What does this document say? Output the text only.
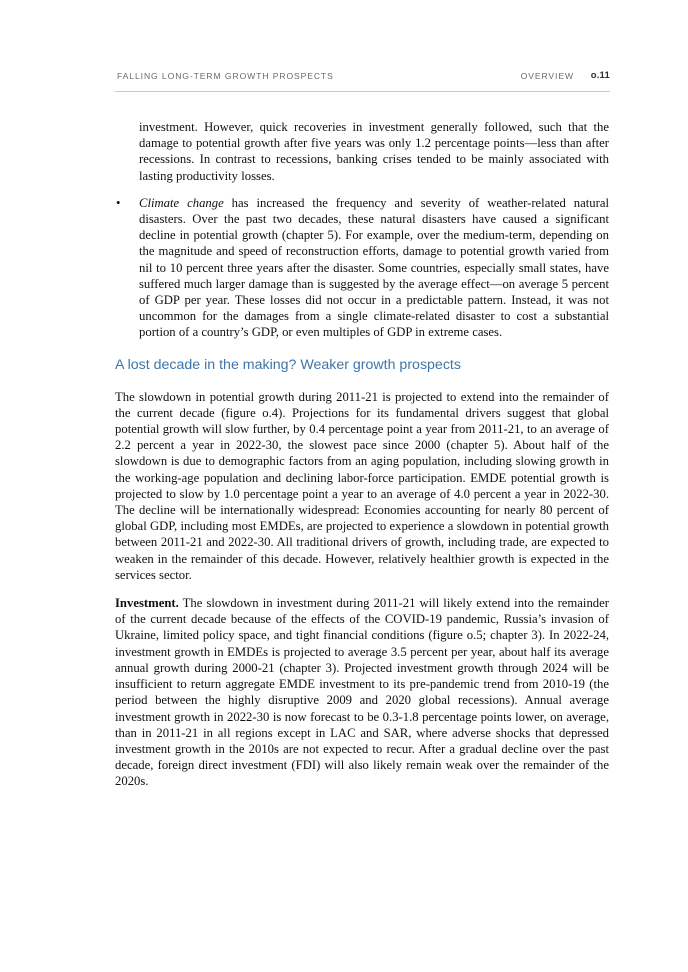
FALLING LONG-TERM GROWTH PROSPECTS	OVERVIEW o.11

investment. However, quick recoveries in investment generally followed, such that the damage to potential growth after five years was only 1.2 percentage points—less than after recessions. In contrast to recessions, banking crises tended to be mainly associated with lasting productivity losses.

• Climate change has increased the frequency and severity of weather-related natural disasters. Over the past two decades, these natural disasters have caused a significant decline in potential growth (chapter 5). For example, over the medium-term, depending on the magnitude and speed of reconstruction efforts, damage to potential growth varied from nil to 10 percent three years after the disaster. Some countries, especially small states, have suffered much larger damage than is suggested by the average effect—on average 5 percent of GDP per year. These losses did not occur in a predictable pattern. Instead, it was not uncommon for the damages from a single climate-related disaster to cost a substantial portion of a country’s GDP, or even multiples of GDP in extreme cases.

A lost decade in the making? Weaker growth prospects

The slowdown in potential growth during 2011-21 is projected to extend into the remainder of the current decade (figure o.4). Projections for its fundamental drivers suggest that global potential growth will slow further, by 0.4 percentage point a year from 2011-21, to an average of 2.2 percent a year in 2022-30, the slowest pace since 2000 (chapter 5). About half of the slowdown is due to demographic factors from an aging population, including slowing growth in the working-age population and declining labor-force participation. EMDE potential growth is projected to slow by 1.0 percentage point a year to an average of 4.0 percent a year in 2022-30. The decline will be internationally widespread: Economies accounting for nearly 80 percent of global GDP, including most EMDEs, are projected to experience a slowdown in potential growth between 2011-21 and 2022-30. All traditional drivers of growth, including trade, are expected to weaken in the remainder of this decade. However, relatively healthier growth is expected in the services sector.

Investment. The slowdown in investment during 2011-21 will likely extend into the remainder of the current decade because of the effects of the COVID-19 pandemic, Russia’s invasion of Ukraine, limited policy space, and tight financial conditions (figure o.5; chapter 3). In 2022-24, investment growth in EMDEs is projected to average 3.5 percent per year, about half its average annual growth during 2000-21 (chapter 3). Projected investment growth through 2024 will be insufficient to return aggregate EMDE investment to its pre-pandemic trend from 2010-19 (the period between the highly disruptive 2009 and 2020 global recessions). Annual average investment growth in 2022-30 is now forecast to be 0.3-1.8 percentage points lower, on average, than in 2011-21 in all regions except in LAC and SAR, where adverse shocks that depressed investment growth in the 2010s are not expected to recur. After a gradual decline over the past decade, foreign direct investment (FDI) will also likely remain weak over the remainder of the 2020s.
